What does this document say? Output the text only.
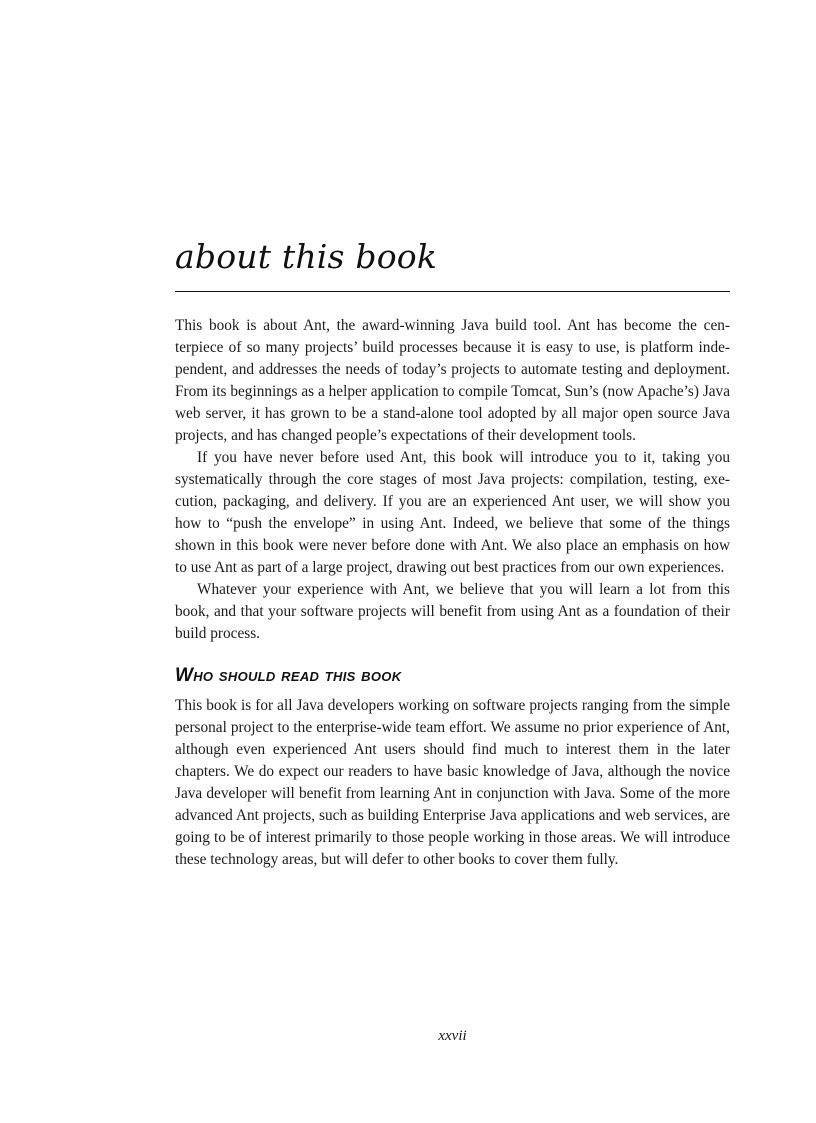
about this book

This book is about Ant, the award-winning Java build tool. Ant has become the centerpiece of so many projects’ build processes because it is easy to use, is platform independent, and addresses the needs of today’s projects to automate testing and deployment. From its beginnings as a helper application to compile Tomcat, Sun’s (now Apache’s) Java web server, it has grown to be a stand-alone tool adopted by all major open source Java projects, and has changed people’s expectations of their development tools.

If you have never before used Ant, this book will introduce you to it, taking you systematically through the core stages of most Java projects: compilation, testing, execution, packaging, and delivery. If you are an experienced Ant user, we will show you how to “push the envelope” in using Ant. Indeed, we believe that some of the things shown in this book were never before done with Ant. We also place an emphasis on how to use Ant as part of a large project, drawing out best practices from our own experiences.

Whatever your experience with Ant, we believe that you will learn a lot from this book, and that your software projects will benefit from using Ant as a foundation of their build process.

Who should read this book

This book is for all Java developers working on software projects ranging from the simple personal project to the enterprise-wide team effort. We assume no prior experience of Ant, although even experienced Ant users should find much to interest them in the later chapters. We do expect our readers to have basic knowledge of Java, although the novice Java developer will benefit from learning Ant in conjunction with Java. Some of the more advanced Ant projects, such as building Enterprise Java applications and web services, are going to be of interest primarily to those people working in those areas. We will introduce these technology areas, but will defer to other books to cover them fully.

xxvii
